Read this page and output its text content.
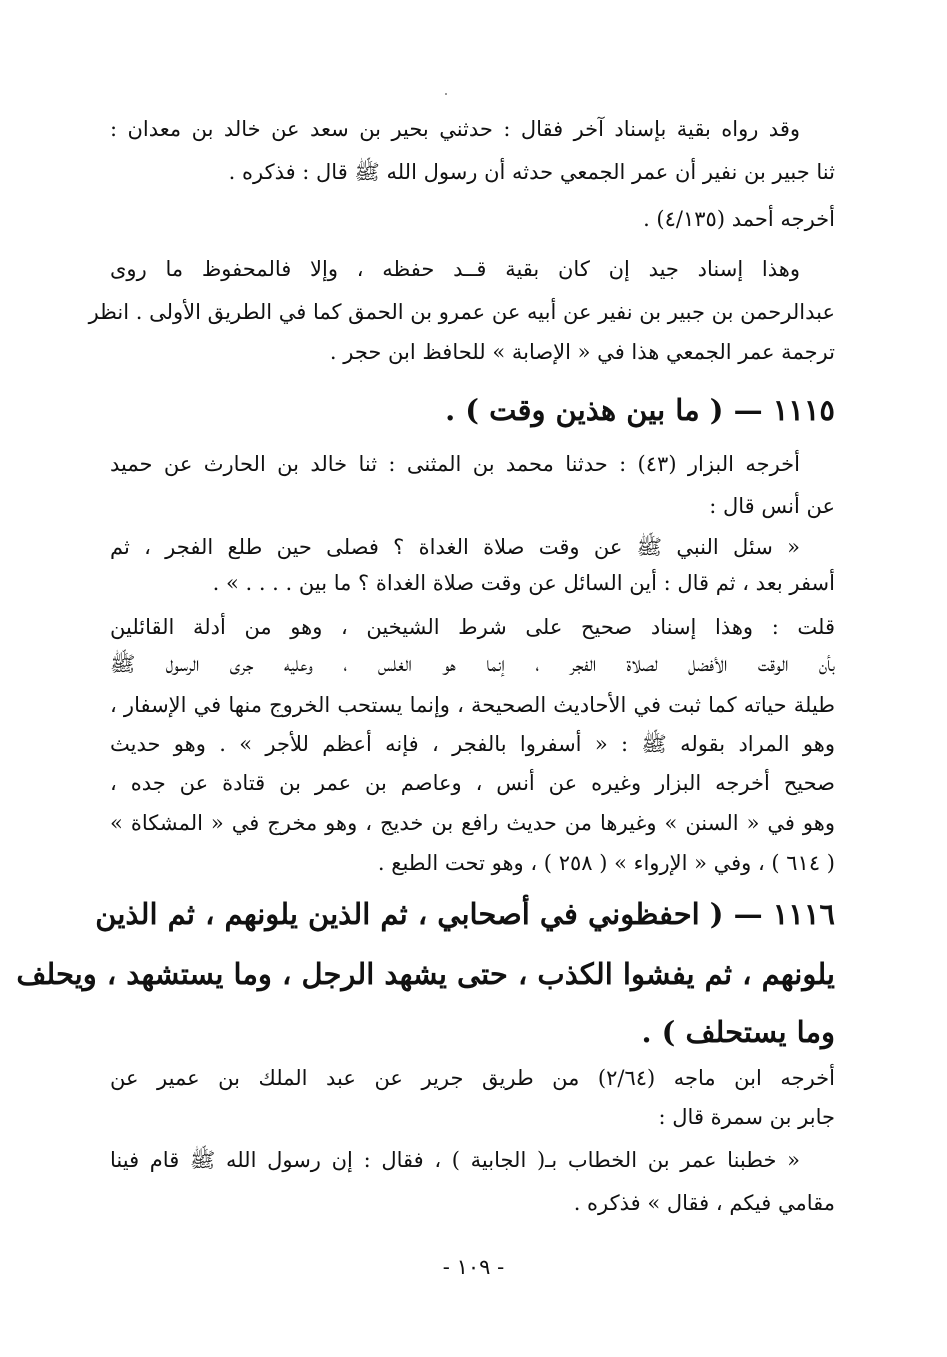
وقد رواه بقية بإسناد آخر فقال : حدثني بحير بن سعد عن خالد بن معدان :
ثنا جبير بن نفير أن عمر الجمعي حدثه أن رسول الله ﷺ قال : فذكره .
أخرجه أحمد (٤/١٣٥) .
وهذا إسناد جيد إن كان بقية قــد حفظه ، وإلا فالمحفوظ ما روى
عبدالرحمن بن جبير بن نفير عن أبيه عن عمرو بن الحمق كما في الطريق الأولى . انظر
ترجمة عمر الجمعي هذا في « الإصابة » للحافظ ابن حجر .
١١١٥ — ( ما بين هذين وقت ) .
أخرجه البزار (٤٣) : حدثنا محمد بن المثنى : ثنا خالد بن الحارث عن حميد
عن أنس قال :
« سئل النبي ﷺ عن وقت صلاة الغداة ؟ فصلى حين طلع الفجر ، ثم
أسفر بعد ، ثم قال : أين السائل عن وقت صلاة الغداة ؟ ما بين . . . . » .
قلت : وهذا إسناد صحيح على شرط الشيخين ، وهو من أدلة القائلين
بأن الوقت الأفضل لصلاة الفجر ، إنما هو الغلس ، وعليه جرى الرسول ﷺ
طيلة حياته كما ثبت في الأحاديث الصحيحة ، وإنما يستحب الخروج منها في الإسفار ،
وهو المراد بقوله ﷺ : « أسفروا بالفجر ، فإنه أعظم للأجر » . وهو حديث
صحيح أخرجه البزار وغيره عن أنس ، وعاصم بن عمر بن قتادة عن جده ،
وهو في « السنن » وغيرها من حديث رافع بن خديج ، وهو مخرج في « المشكاة »
( ٦١٤ ) ، وفي « الإرواء » ( ٢٥٨ ) ، وهو تحت الطبع .
١١١٦ — ( احفظوني في أصحابي ، ثم الذين يلونهم ، ثم الذين
يلونهم ، ثم يفشوا الكذب ، حتى يشهد الرجل ، وما يستشهد ، ويحلف
وما يستحلف ) .
أخرجه ابن ماجه (٢/٦٤) من طريق جرير عن عبد الملك بن عمير عن
جابر بن سمرة قال :
« خطبنا عمر بن الخطاب بـ( الجابية ) ، فقال : إن رسول الله ﷺ قام فينا
مقامي فيكم ، فقال » فذكره .
- ١٠٩ -
